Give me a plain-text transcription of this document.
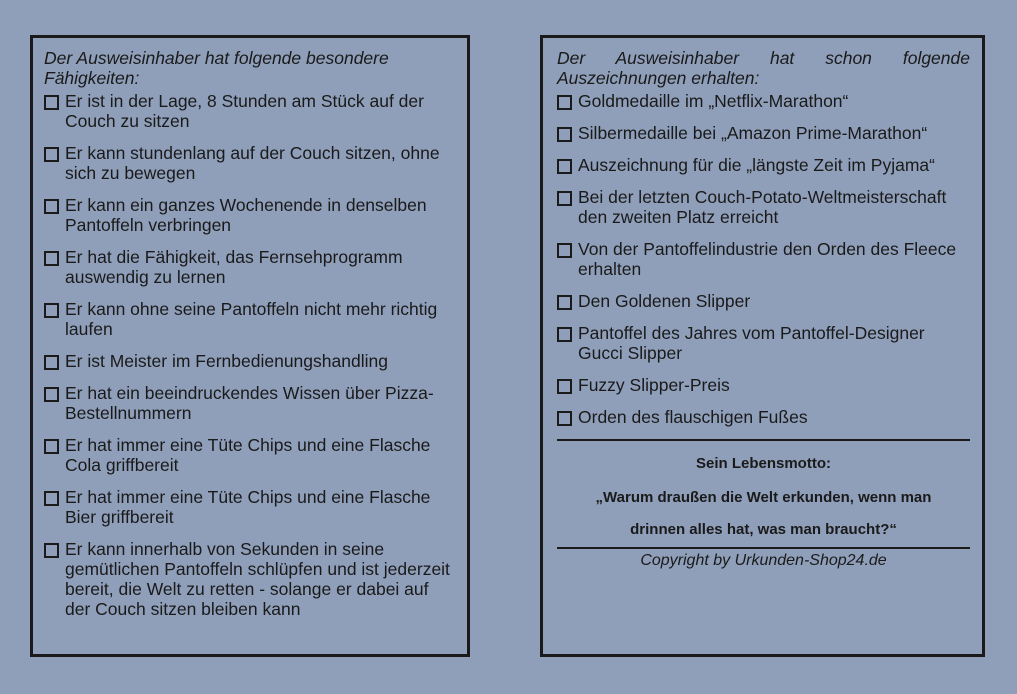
Der Ausweisinhaber hat folgende besondere Fähigkeiten:
Er ist in der Lage, 8 Stunden am Stück auf der Couch zu sitzen
Er kann stundenlang auf der Couch sitzen, ohne sich zu bewegen
Er kann ein ganzes Wochenende in denselben Pantoffeln verbringen
Er hat die Fähigkeit, das Fernsehprogramm auswendig zu lernen
Er kann ohne seine Pantoffeln nicht mehr richtig laufen
Er ist Meister im Fernbedienungshandling
Er hat ein beeindruckendes Wissen über Pizza-Bestellnummern
Er hat immer eine Tüte Chips und eine Flasche Cola griffbereit
Er hat immer eine Tüte Chips und eine Flasche Bier griffbereit
Er kann innerhalb von Sekunden in seine gemütlichen Pantoffeln schlüpfen und ist jederzeit bereit, die Welt zu retten - solange er dabei auf der Couch sitzen bleiben kann
Der Ausweisinhaber hat schon folgende Auszeichnungen erhalten:
Goldmedaille im „Netflix-Marathon“
Silbermedaille bei „Amazon Prime-Marathon“
Auszeichnung für die „längste Zeit im Pyjama“
Bei der letzten Couch-Potato-Weltmeisterschaft den zweiten Platz erreicht
Von der Pantoffelindustrie den Orden des Fleece erhalten
Den Goldenen Slipper
Pantoffel des Jahres vom Pantoffel-Designer Gucci Slipper
Fuzzy Slipper-Preis
Orden des flauschigen Fußes
Sein Lebensmotto:
„Warum draußen die Welt erkunden, wenn man
drinnen alles hat, was man braucht?“
Copyright by Urkunden-Shop24.de
